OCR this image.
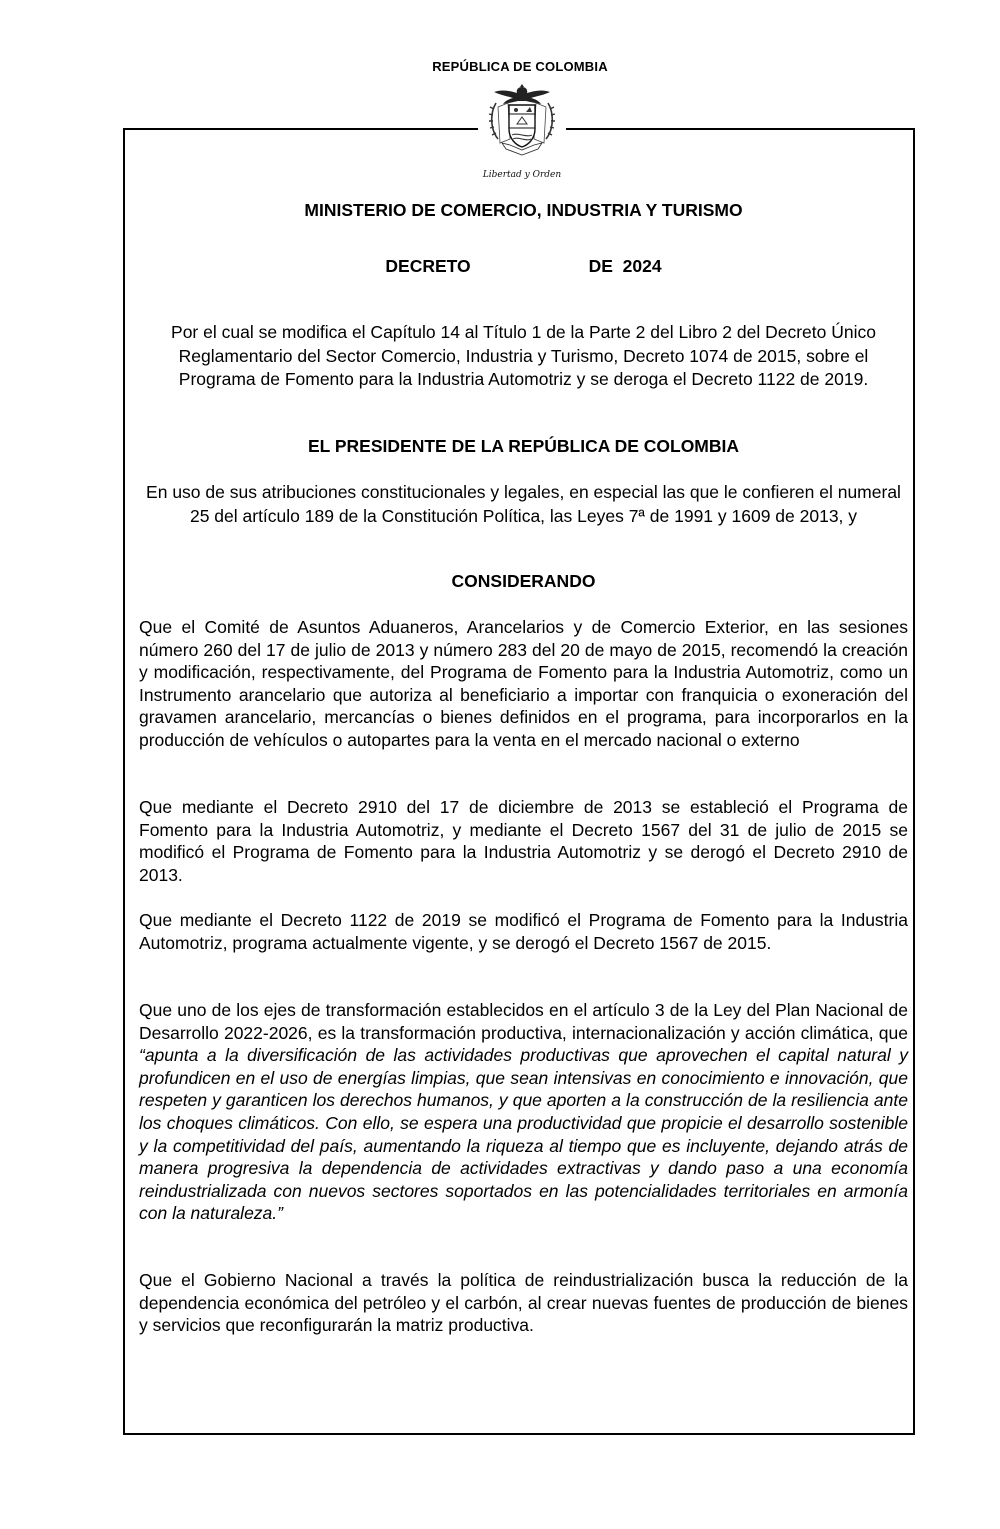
REPÚBLICA DE COLOMBIA
Libertad y Orden
MINISTERIO DE COMERCIO, INDUSTRIA Y TURISMO
DECRETO	DE  2024
Por el cual se modifica el Capítulo 14 al Título 1 de la Parte 2 del Libro 2 del Decreto Único Reglamentario del Sector Comercio, Industria y Turismo, Decreto 1074 de 2015, sobre el Programa de Fomento para la Industria Automotriz y se deroga el Decreto 1122 de 2019.
EL PRESIDENTE DE LA REPÚBLICA DE COLOMBIA
En uso de sus atribuciones constitucionales y legales, en especial las que le confieren el numeral 25 del artículo 189 de la Constitución Política, las Leyes 7ª de 1991 y 1609 de 2013, y
CONSIDERANDO
Que el Comité de Asuntos Aduaneros, Arancelarios y de Comercio Exterior, en las sesiones número 260 del 17 de julio de 2013 y número 283 del 20 de mayo de 2015, recomendó la creación y modificación, respectivamente, del Programa de Fomento para la Industria Automotriz, como un Instrumento arancelario que autoriza al beneficiario a importar con franquicia o exoneración del gravamen arancelario, mercancías o bienes definidos en el programa, para incorporarlos en la producción de vehículos o autopartes para la venta en el mercado nacional o externo
Que mediante el Decreto 2910 del 17 de diciembre de 2013 se estableció el Programa de Fomento para la Industria Automotriz, y mediante el Decreto 1567 del 31 de julio de 2015 se modificó el Programa de Fomento para la Industria Automotriz y se derogó el Decreto 2910 de 2013.
Que mediante el Decreto 1122 de 2019 se modificó el Programa de Fomento para la Industria Automotriz, programa actualmente vigente, y se derogó el Decreto 1567 de 2015.
Que uno de los ejes de transformación establecidos en el artículo 3 de la Ley del Plan Nacional de Desarrollo 2022-2026, es la transformación productiva, internacionalización y acción climática, que “apunta a la diversificación de las actividades productivas que aprovechen el capital natural y profundicen en el uso de energías limpias, que sean intensivas en conocimiento e innovación, que respeten y garanticen los derechos humanos, y que aporten a la construcción de la resiliencia ante los choques climáticos. Con ello, se espera una productividad que propicie el desarrollo sostenible y la competitividad del país, aumentando la riqueza al tiempo que es incluyente, dejando atrás de manera progresiva la dependencia de actividades extractivas y dando paso a una economía reindustrializada con nuevos sectores soportados en las potencialidades territoriales en armonía con la naturaleza.”
Que el Gobierno Nacional a través la política de reindustrialización busca la reducción de la dependencia económica del petróleo y el carbón, al crear nuevas fuentes de producción de bienes y servicios que reconfigurarán la matriz productiva.
